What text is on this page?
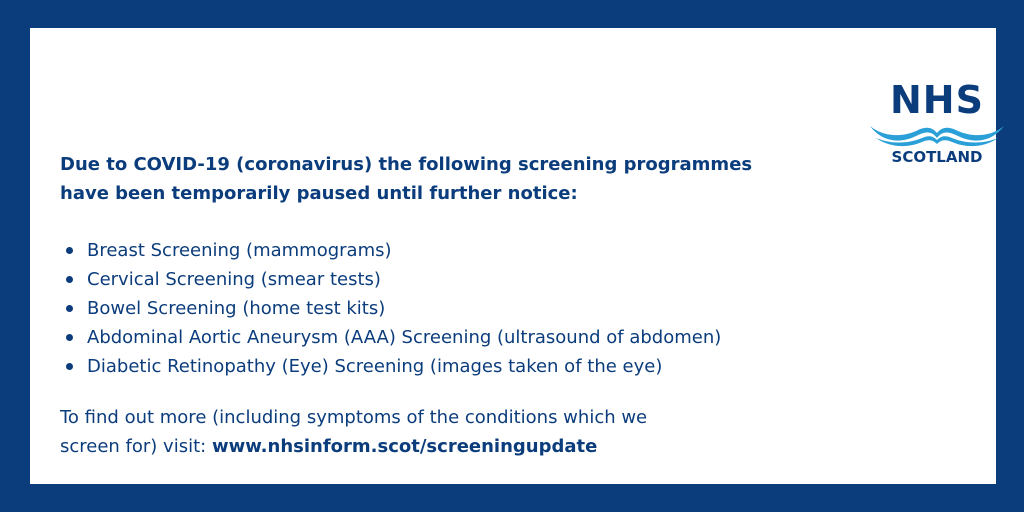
NHS
SCOTLAND

Due to COVID-19 (coronavirus) the following screening programmes
have been temporarily paused until further notice:

Breast Screening (mammograms)
Cervical Screening (smear tests)
Bowel Screening (home test kits)
Abdominal Aortic Aneurysm (AAA) Screening (ultrasound of abdomen)
Diabetic Retinopathy (Eye) Screening (images taken of the eye)

To find out more (including symptoms of the conditions which we
screen for) visit: www.nhsinform.scot/screeningupdate
